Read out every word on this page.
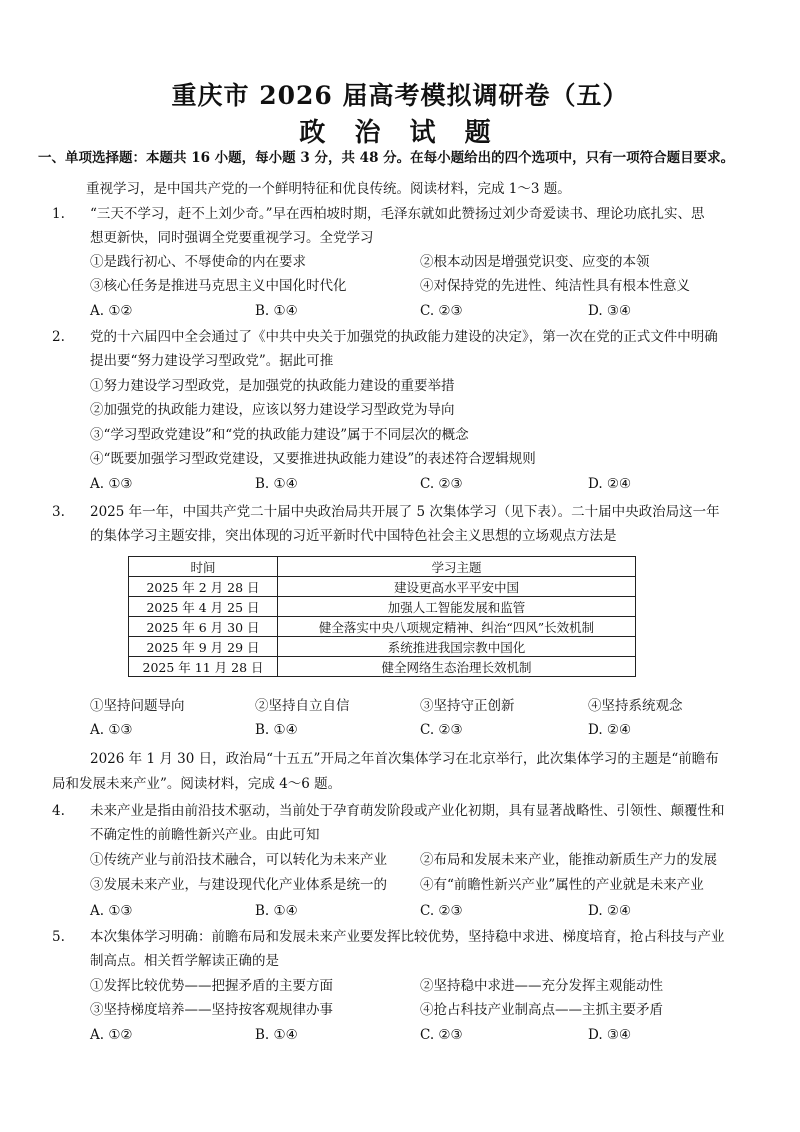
重庆市 2026 届高考模拟调研卷（五）
政 治 试 题
一、单项选择题：本题共 16 小题，每小题 3 分，共 48 分。在每小题给出的四个选项中，只有一项符合题目要求。
重视学习，是中国共产党的一个鲜明特征和优良传统。阅读材料，完成 1～3 题。
1. “三天不学习，赶不上刘少奇。”早在西柏坡时期，毛泽东就如此赞扬过刘少奇爱读书、理论功底扎实、思
想更新快，同时强调全党要重视学习。全党学习
①是践行初心、不辱使命的内在要求	②根本动因是增强党识变、应变的本领
③核心任务是推进马克思主义中国化时代化	④对保持党的先进性、纯洁性具有根本性意义
A. ①②	B. ①④	C. ②③	D. ③④
2. 党的十六届四中全会通过了《中共中央关于加强党的执政能力建设的决定》，第一次在党的正式文件中明确
提出要“努力建设学习型政党”。据此可推
①努力建设学习型政党，是加强党的执政能力建设的重要举措
②加强党的执政能力建设，应该以努力建设学习型政党为导向
③“学习型政党建设”和“党的执政能力建设”属于不同层次的概念
④“既要加强学习型政党建设，又要推进执政能力建设”的表述符合逻辑规则
A. ①③	B. ①④	C. ②③	D. ②④
3. 2025 年一年，中国共产党二十届中央政治局共开展了 5 次集体学习（见下表）。二十届中央政治局这一年
的集体学习主题安排，突出体现的习近平新时代中国特色社会主义思想的立场观点方法是
时间	学习主题
2025 年 2 月 28 日	建设更高水平平安中国
2025 年 4 月 25 日	加强人工智能发展和监管
2025 年 6 月 30 日	健全落实中央八项规定精神、纠治“四风”长效机制
2025 年 9 月 29 日	系统推进我国宗教中国化
2025 年 11 月 28 日	健全网络生态治理长效机制
①坚持问题导向	②坚持自立自信	③坚持守正创新	④坚持系统观念
A. ①③	B. ①④	C. ②③	D. ②④
2026 年 1 月 30 日，政治局“十五五”开局之年首次集体学习在北京举行，此次集体学习的主题是“前瞻布
局和发展未来产业”。阅读材料，完成 4～6 题。
4. 未来产业是指由前沿技术驱动，当前处于孕育萌发阶段或产业化初期，具有显著战略性、引领性、颠覆性和
不确定性的前瞻性新兴产业。由此可知
①传统产业与前沿技术融合，可以转化为未来产业 ②布局和发展未来产业，能推动新质生产力的发展
③发展未来产业，与建设现代化产业体系是统一的 ④有“前瞻性新兴产业”属性的产业就是未来产业
A. ①③	B. ①④	C. ②③	D. ②④
5. 本次集体学习明确：前瞻布局和发展未来产业要发挥比较优势，坚持稳中求进、梯度培育，抢占科技与产业
制高点。相关哲学解读正确的是
①发挥比较优势——把握矛盾的主要方面	②坚持稳中求进——充分发挥主观能动性
③坚持梯度培养——坚持按客观规律办事	④抢占科技产业制高点——主抓主要矛盾
A. ①②	B. ①④	C. ②③	D. ③④
